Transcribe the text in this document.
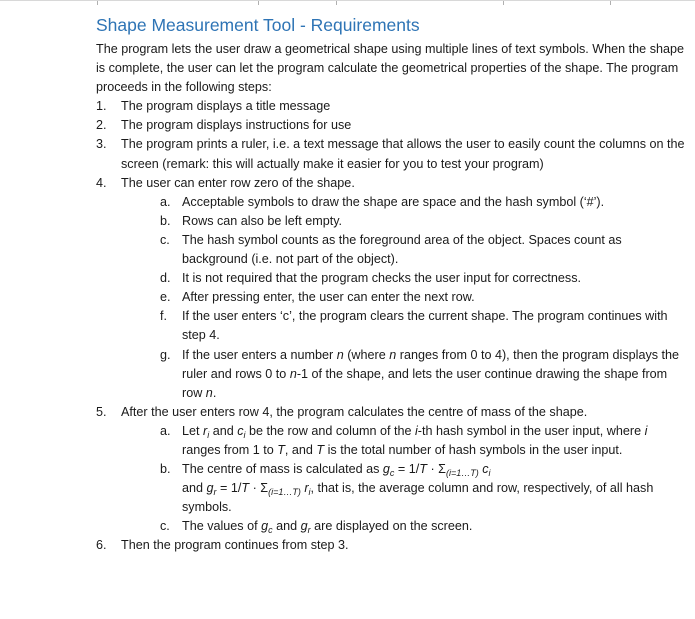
Shape Measurement Tool - Requirements

The program lets the user draw a geometrical shape using multiple lines of text symbols. When the shape is complete, the user can let the program calculate the geometrical properties of the shape. The program proceeds in the following steps:

1. The program displays a title message
2. The program displays instructions for use
3. The program prints a ruler, i.e. a text message that allows the user to easily count the columns on the screen (remark: this will actually make it easier for you to test your program)
4. The user can enter row zero of the shape.
a. Acceptable symbols to draw the shape are space and the hash symbol (‘#’).
b. Rows can also be left empty.
c. The hash symbol counts as the foreground area of the object. Spaces count as background (i.e. not part of the object).
d. It is not required that the program checks the user input for correctness.
e. After pressing enter, the user can enter the next row.
f. If the user enters ‘c’, the program clears the current shape. The program continues with step 4.
g. If the user enters a number n (where n ranges from 0 to 4), then the program displays the ruler and rows 0 to n-1 of the shape, and lets the user continue drawing the shape from row n.
5. After the user enters row 4, the program calculates the centre of mass of the shape.
a. Let $r_i$ and $c_i$ be the row and column of the i-th hash symbol in the user input, where i ranges from 1 to T, and T is the total number of hash symbols in the user input.
b. The centre of mass is calculated as $g_c = 1/T \cdot \Sigma_{(i=1\dots T)}$ $c_i$
and $g_r = 1/T \cdot \Sigma_{(i=1\dots T)}$ $r_i$, that is, the average column and row, respectively, of all hash symbols.
c. The values of $g_c$ and $g_r$ are displayed on the screen.
6. Then the program continues from step 3.
